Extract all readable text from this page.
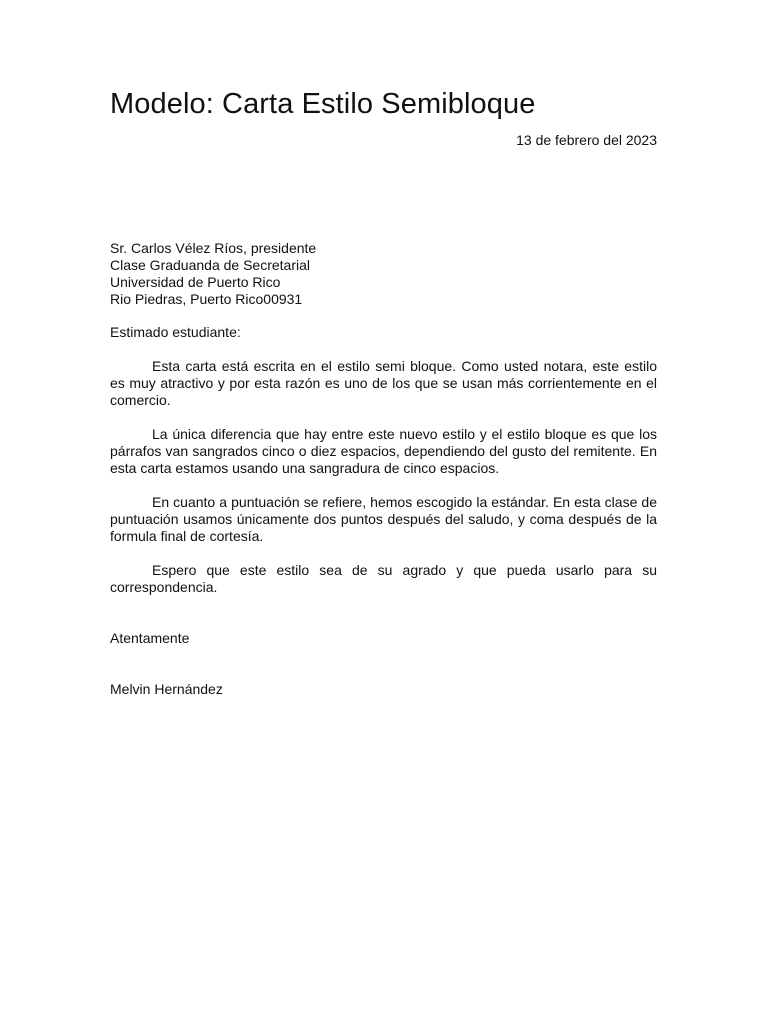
Modelo: Carta Estilo Semibloque
13 de febrero del 2023
Sr. Carlos Vélez Ríos, presidente
Clase Graduanda de Secretarial
Universidad de Puerto Rico
Rio Piedras, Puerto Rico00931
Estimado estudiante:

Esta carta está escrita en el estilo semi bloque. Como usted notara, este estilo es muy atractivo y por esta razón es uno de los que se usan más corrientemente en el comercio.

La única diferencia que hay entre este nuevo estilo y el estilo bloque es que los párrafos van sangrados cinco o diez espacios, dependiendo del gusto del remitente. En esta carta estamos usando una sangradura de cinco espacios.

En cuanto a puntuación se refiere, hemos escogido la estándar. En esta clase de puntuación usamos únicamente dos puntos después del saludo, y coma después de la formula final de cortesía.

Espero que este estilo sea de su agrado y que pueda usarlo para su correspondencia.

Atentamente
Melvin Hernández
